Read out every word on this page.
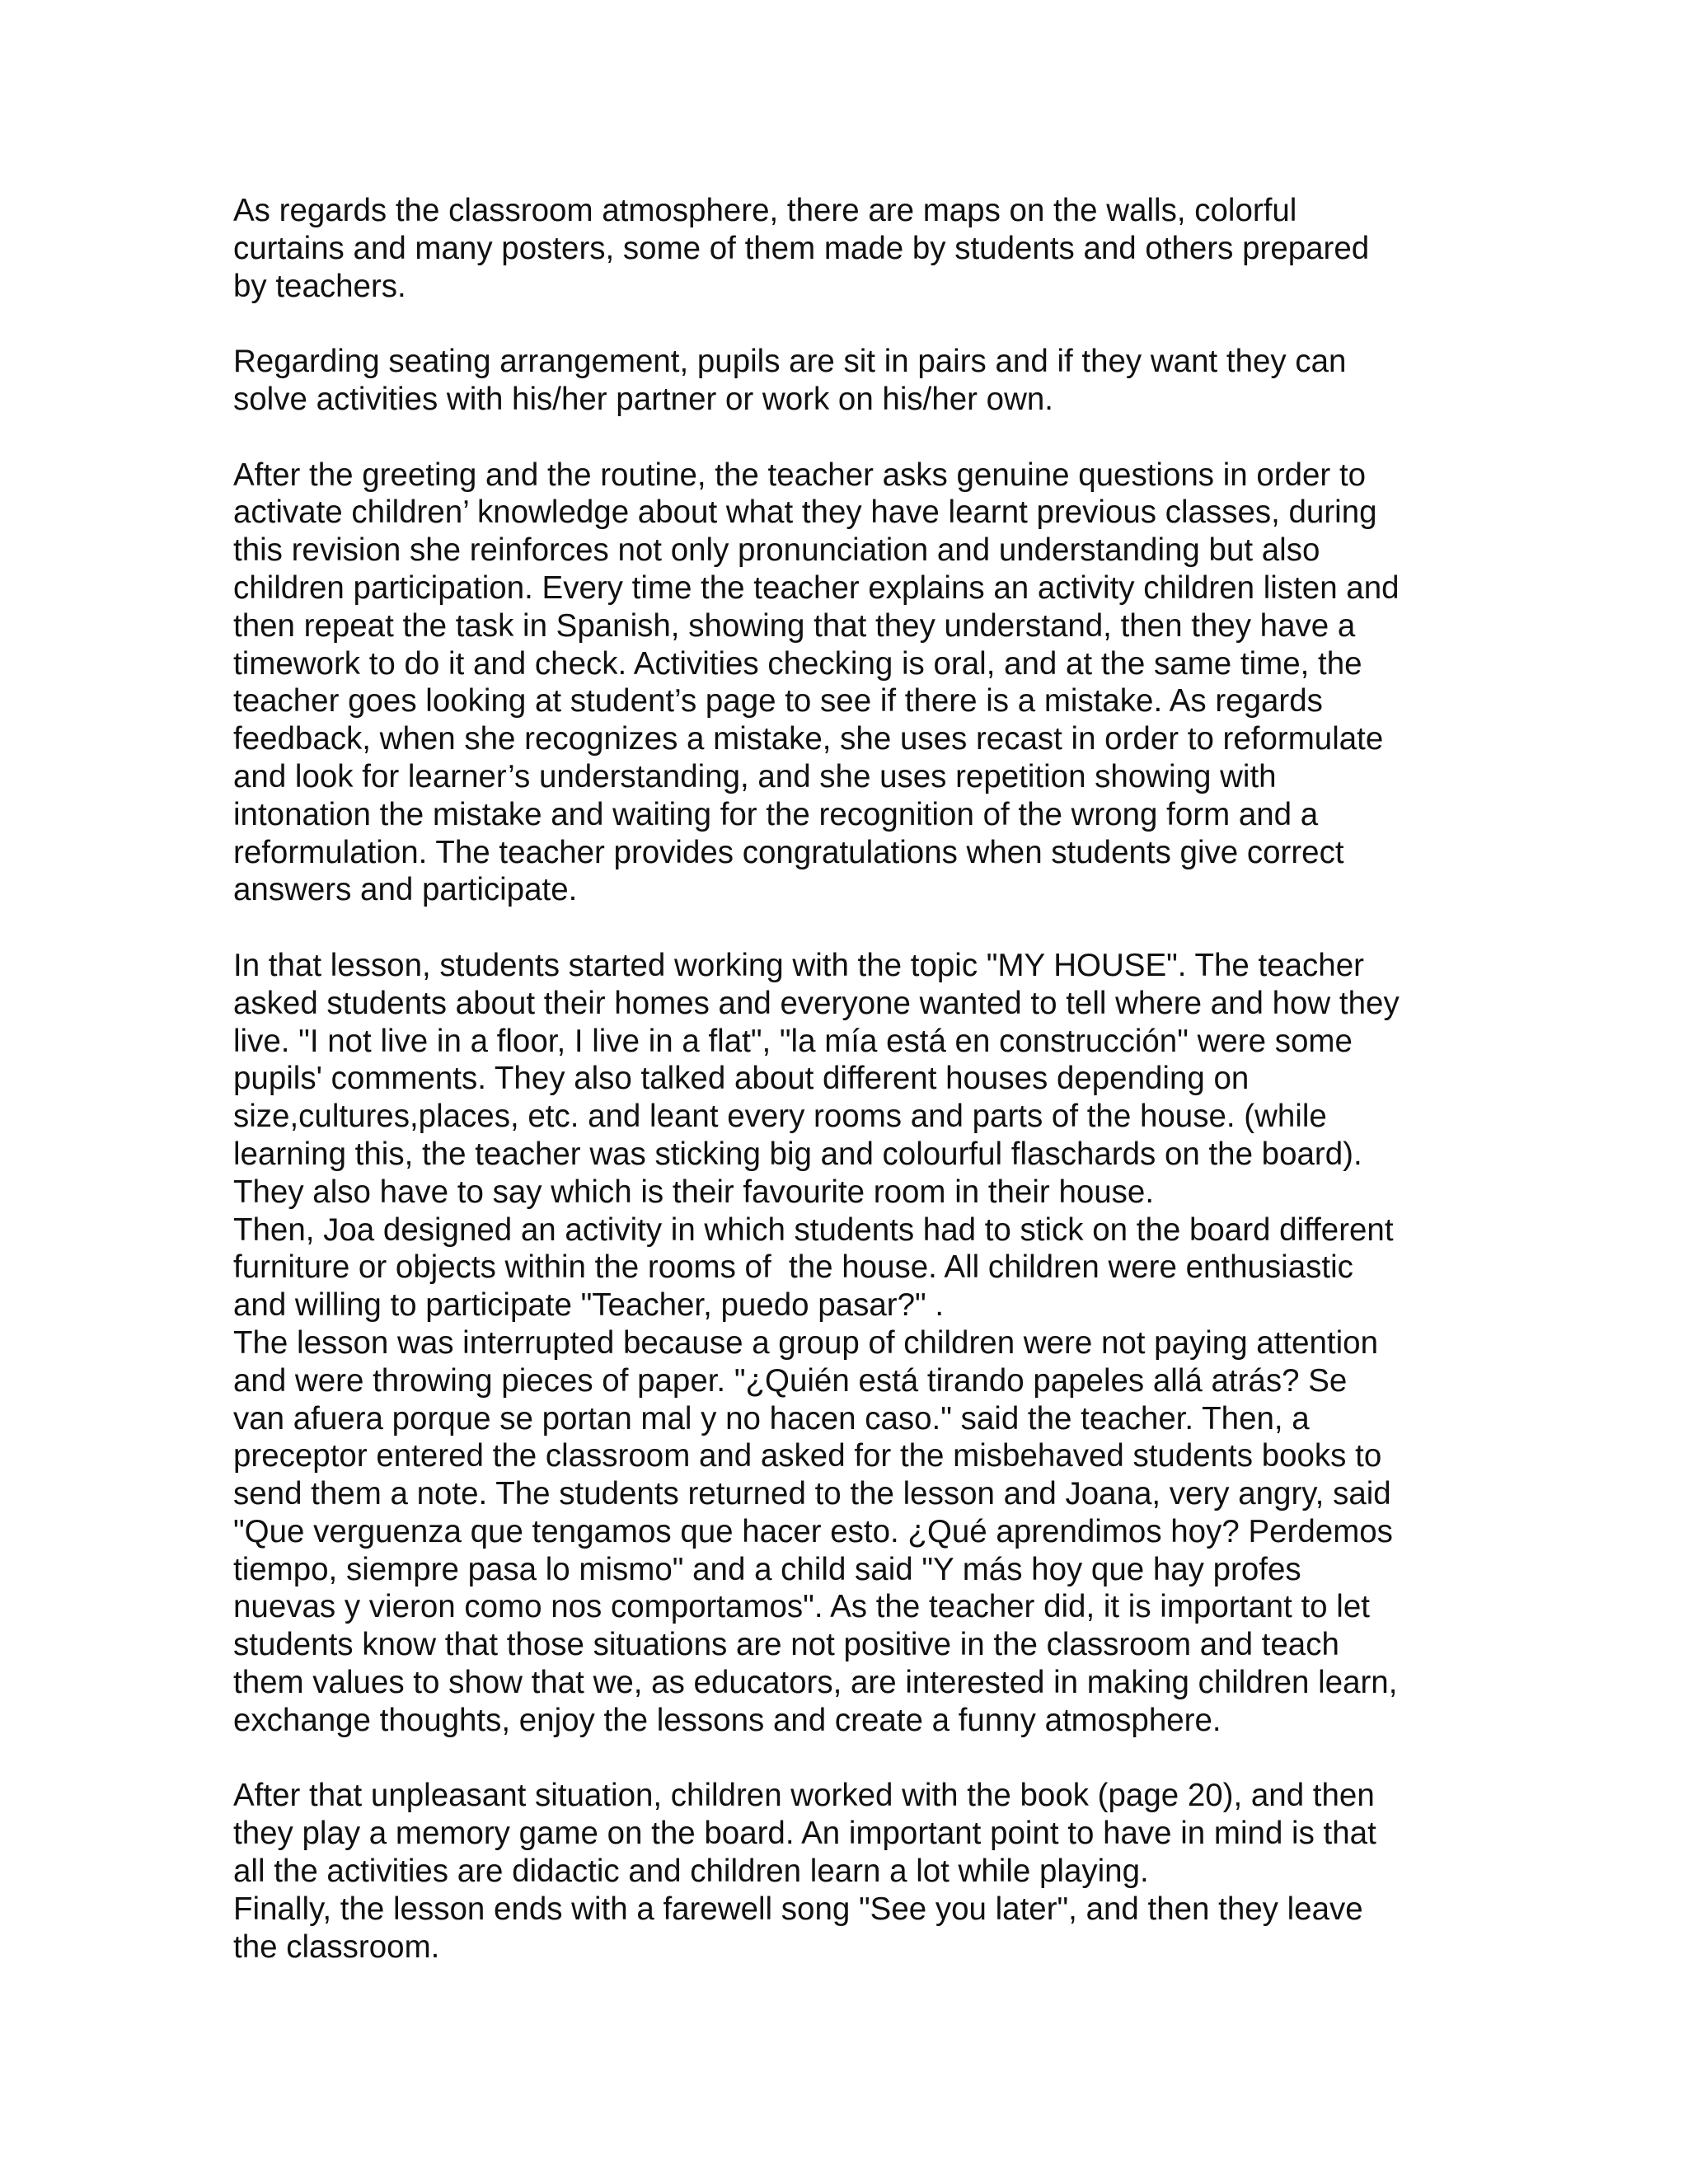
As regards the classroom atmosphere, there are maps on the walls, colorful
curtains and many posters, some of them made by students and others prepared
by teachers.
Regarding seating arrangement, pupils are sit in pairs and if they want they can
solve activities with his/her partner or work on his/her own.
After the greeting and the routine, the teacher asks genuine questions in order to
activate children’ knowledge about what they have learnt previous classes, during
this revision she reinforces not only pronunciation and understanding but also
children participation. Every time the teacher explains an activity children listen and
then repeat the task in Spanish, showing that they understand, then they have a
timework to do it and check. Activities checking is oral, and at the same time, the
teacher goes looking at student’s page to see if there is a mistake. As regards
feedback, when she recognizes a mistake, she uses recast in order to reformulate
and look for learner’s understanding, and she uses repetition showing with
intonation the mistake and waiting for the recognition of the wrong form and a
reformulation. The teacher provides congratulations when students give correct
answers and participate.
In that lesson, students started working with the topic "MY HOUSE". The teacher
asked students about their homes and everyone wanted to tell where and how they
live. "I not live in a floor, I live in a flat", "la mía está en construcción" were some
pupils' comments. They also talked about different houses depending on
size,cultures,places, etc. and leant every rooms and parts of the house. (while
learning this, the teacher was sticking big and colourful flaschards on the board).
They also have to say which is their favourite room in their house.
Then, Joa designed an activity in which students had to stick on the board different
furniture or objects within the rooms of  the house. All children were enthusiastic
and willing to participate "Teacher, puedo pasar?" .
The lesson was interrupted because a group of children were not paying attention
and were throwing pieces of paper. "¿Quién está tirando papeles allá atrás? Se
van afuera porque se portan mal y no hacen caso." said the teacher. Then, a
preceptor entered the classroom and asked for the misbehaved students books to
send them a note. The students returned to the lesson and Joana, very angry, said
"Que verguenza que tengamos que hacer esto. ¿Qué aprendimos hoy? Perdemos
tiempo, siempre pasa lo mismo" and a child said "Y más hoy que hay profes
nuevas y vieron como nos comportamos". As the teacher did, it is important to let
students know that those situations are not positive in the classroom and teach
them values to show that we, as educators, are interested in making children learn,
exchange thoughts, enjoy the lessons and create a funny atmosphere.
After that unpleasant situation, children worked with the book (page 20), and then
they play a memory game on the board. An important point to have in mind is that
all the activities are didactic and children learn a lot while playing.
Finally, the lesson ends with a farewell song "See you later", and then they leave
the classroom.
